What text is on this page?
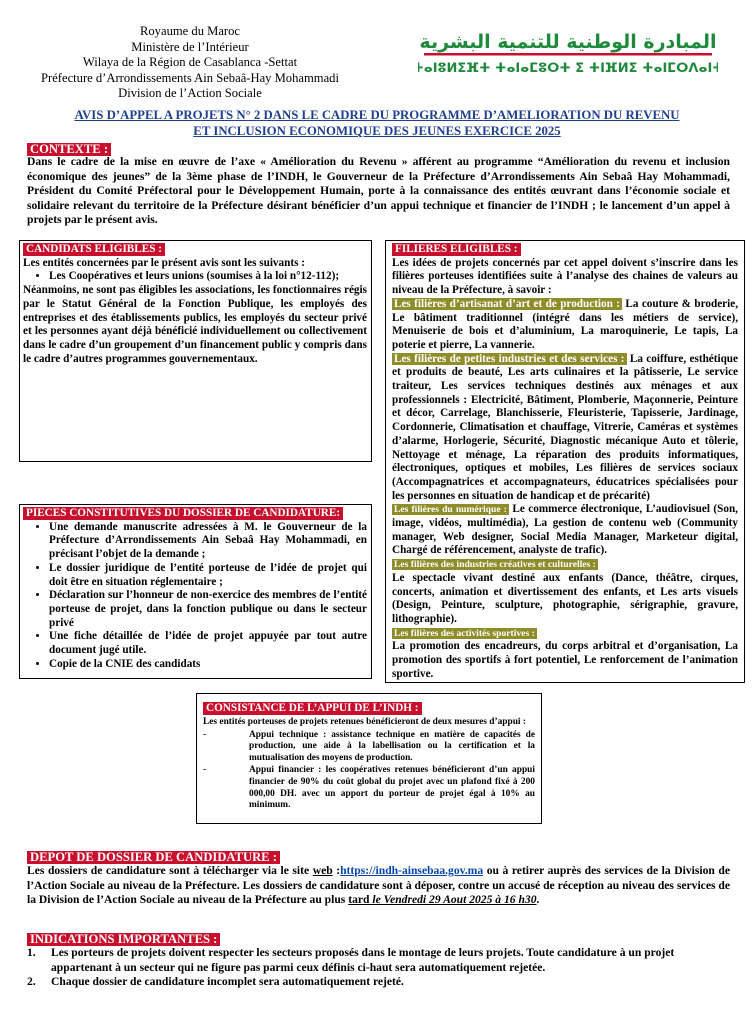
Royaume du Maroc
Ministère de l’Intérieur
Wilaya de la Région de Casablanca -Settat
Préfecture d’Arrondissements Ain Sebaâ-Hay Mohammadi
Division de l’Action Sociale
المبادرة الوطنية للتنمية البشرية
ⵜⴰⵏⵓⵍⵉⴼⵜ ⵜⴰⵏⴰⵎⵓⵔⵜ ⵉ ⵜⵏⴼⵍⵉ ⵜⴰⵏⵎⵔⴷⴰⵏⵜ
AVIS D’APPEL A PROJETS N° 2 DANS LE CADRE DU PROGRAMME D’AMELIORATION DU REVENU
ET INCLUSION ECONOMIQUE DES JEUNES EXERCICE 2025
CONTEXTE :
Dans le cadre de la mise en œuvre de l’axe « Amélioration du Revenu » afférent au programme “Amélioration du revenu et inclusion économique des jeunes” de la 3ème phase de l’INDH, le Gouverneur de la Préfecture d’Arrondissements Ain Sebaâ Hay Mohammadi, Président du Comité Préfectoral pour le Développement Humain, porte à la connaissance des entités œuvrant dans l’économie sociale et solidaire relevant du territoire de la Préfecture désirant bénéficier d’un appui technique et financier de l’INDH ; le lancement d’un appel à projets par le présent avis.
CANDIDATS ELIGIBLES :
Les entités concernées par le présent avis sont les suivants :
• Les Coopératives et leurs unions (soumises à la loi n°12-112);
Néanmoins, ne sont pas éligibles les associations, les fonctionnaires régis par le Statut Général de la Fonction Publique, les employés des entreprises et des établissements publics, les employés du secteur privé et les personnes ayant déjà bénéficié individuellement ou collectivement dans le cadre d’un groupement d’un financement public y compris dans le cadre d’autres programmes gouvernementaux.
FILIERES ELIGIBLES :
Les idées de projets concernés par cet appel doivent s’inscrire dans les filières porteuses identifiées suite à l’analyse des chaines de valeurs au niveau de la Préfecture, à savoir :
Les filières d’artisanat d’art et de production : La couture & broderie, Le bâtiment traditionnel (intégré dans les métiers de service), Menuiserie de bois et d’aluminium, La maroquinerie, Le tapis, La poterie et pierre, La vannerie.
Les filières de petites industries et des services : La coiffure, esthétique et produits de beauté, Les arts culinaires et la pâtisserie, Le service traiteur, Les services techniques destinés aux ménages et aux professionnels : Electricité, Bâtiment, Plomberie, Maçonnerie, Peinture et décor, Carrelage, Blanchisserie, Fleuristerie, Tapisserie, Jardinage, Cordonnerie, Climatisation et chauffage, Vitrerie, Caméras et systèmes d’alarme, Horlogerie, Sécurité, Diagnostic mécanique Auto et tôlerie, Nettoyage et ménage, La réparation des produits informatiques, électroniques, optiques et mobiles, Les filières de services sociaux (Accompagnatrices et accompagnateurs, éducatrices spécialisées pour les personnes en situation de handicap et de précarité)
Les filières du numérique : Le commerce électronique, L’audiovisuel (Son, image, vidéos, multimédia), La gestion de contenu web (Community manager, Web designer, Social Media Manager, Marketeur digital, Chargé de référencement, analyste de trafic).
Les filières des industries créatives et culturelles :
Le spectacle vivant destiné aux enfants (Dance, théâtre, cirques, concerts, animation et divertissement des enfants, et Les arts visuels (Design, Peinture, sculpture, photographie, sérigraphie, gravure, lithographie).
Les filières des activités sportives :
La promotion des encadreurs, du corps arbitral et d’organisation, La promotion des sportifs à fort potentiel, Le renforcement de l’animation sportive.
PIECES CONSTITUTIVES DU DOSSIER DE CANDIDATURE:
• Une demande manuscrite adressées à M. le Gouverneur de la Préfecture d’Arrondissements Ain Sebaâ Hay Mohammadi, en précisant l’objet de la demande ;
• Le dossier juridique de l’entité porteuse de l’idée de projet qui doit être en situation réglementaire ;
• Déclaration sur l’honneur de non-exercice des membres de l’entité porteuse de projet, dans la fonction publique ou dans le secteur privé
• Une fiche détaillée de l’idée de projet appuyée par tout autre document jugé utile.
• Copie de la CNIE des candidats
CONSISTANCE DE L’APPUI DE L’INDH :
Les entités porteuses de projets retenues bénéficieront de deux mesures d’appui :
-	Appui technique : assistance technique en matière de capacités de production, une aide à la labellisation ou la certification et la mutualisation des moyens de production.
-	Appui financier : les coopératives retenues bénéficieront d’un appui financier de 90% du coût global du projet avec un plafond fixé à 200 000,00 DH. avec un apport du porteur de projet égal à 10% au minimum.
DEPOT DE DOSSIER DE CANDIDATURE :
Les dossiers de candidature sont à télécharger via le site web :https://indh-ainsebaa.gov.ma ou à retirer auprès des services de la Division de l’Action Sociale au niveau de la Préfecture. Les dossiers de candidature sont à déposer, contre un accusé de réception au niveau des services de la Division de l’Action Sociale au niveau de la Préfecture au plus tard le Vendredi 29 Aout 2025 à 16 h30.
INDICATIONS IMPORTANTES :
1.	Les porteurs de projets doivent respecter les secteurs proposés dans le montage de leurs projets. Toute candidature à un projet appartenant à un secteur qui ne figure pas parmi ceux définis ci-haut sera automatiquement rejetée.
2.	Chaque dossier de candidature incomplet sera automatiquement rejeté.
